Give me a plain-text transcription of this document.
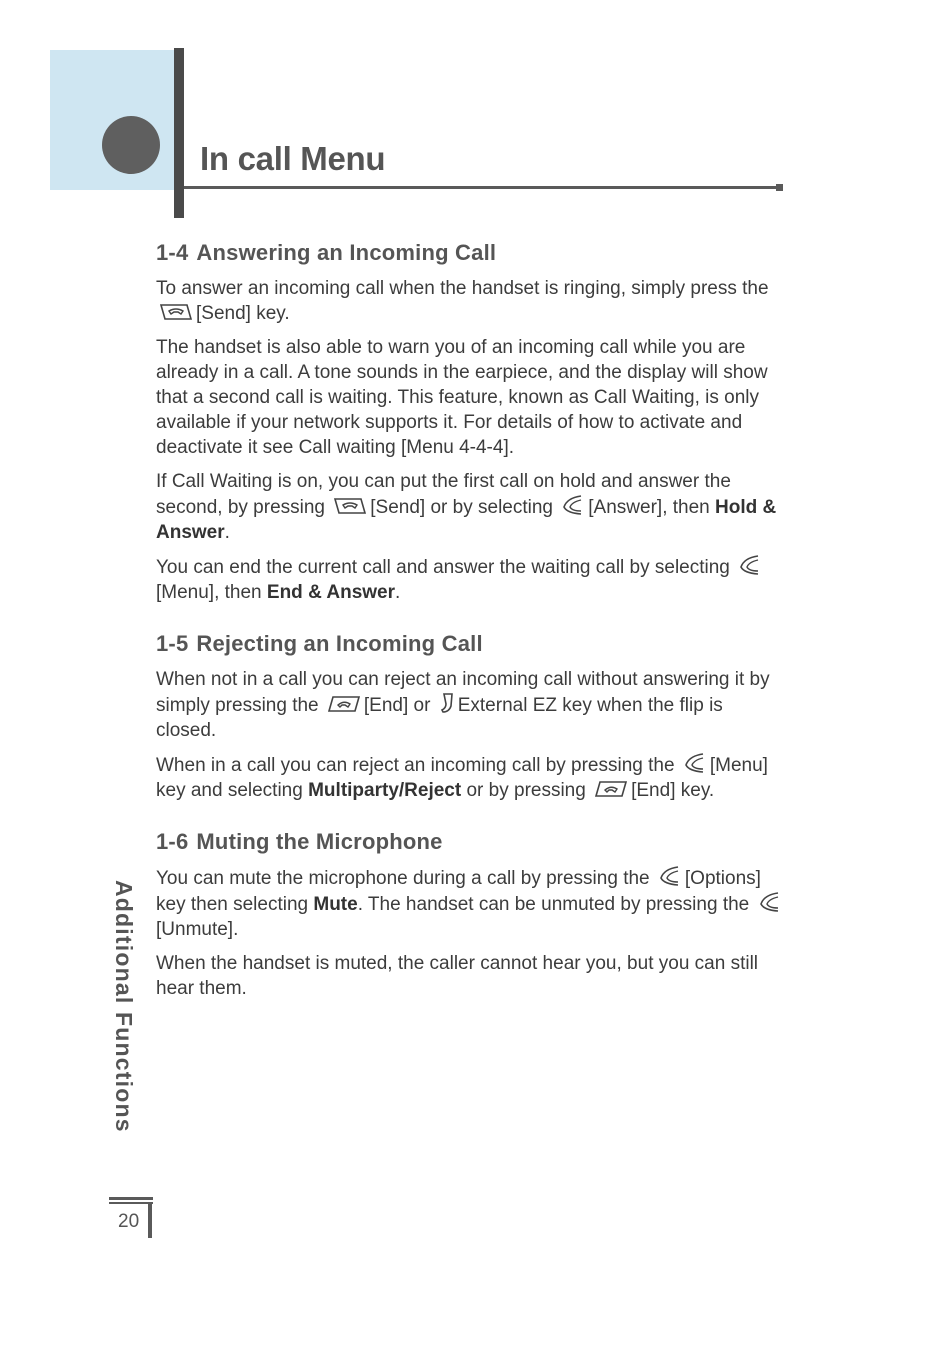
In call Menu
1-4 Answering an Incoming Call

To answer an incoming call when the handset is ringing, simply press the [Send] key.

The handset is also able to warn you of an incoming call while you are already in a call. A tone sounds in the earpiece, and the display will show that a second call is waiting. This feature, known as Call Waiting, is only available if your network supports it. For details of how to activate and deactivate it see Call waiting [Menu 4-4-4].

If Call Waiting is on, you can put the first call on hold and answer the second, by pressing [Send] or by selecting [Answer], then Hold & Answer.

You can end the current call and answer the waiting call by selecting [Menu], then End & Answer.

1-5 Rejecting an Incoming Call

When not in a call you can reject an incoming call without answering it by simply pressing the [End] or External EZ key when the flip is closed.

When in a call you can reject an incoming call by pressing the [Menu] key and selecting Multiparty/Reject or by pressing [End] key.

1-6 Muting the Microphone

You can mute the microphone during a call by pressing the [Options] key then selecting Mute. The handset can be unmuted by pressing the [Unmute].

When the handset is muted, the caller cannot hear you, but you can still hear them.

Additional Functions
20
